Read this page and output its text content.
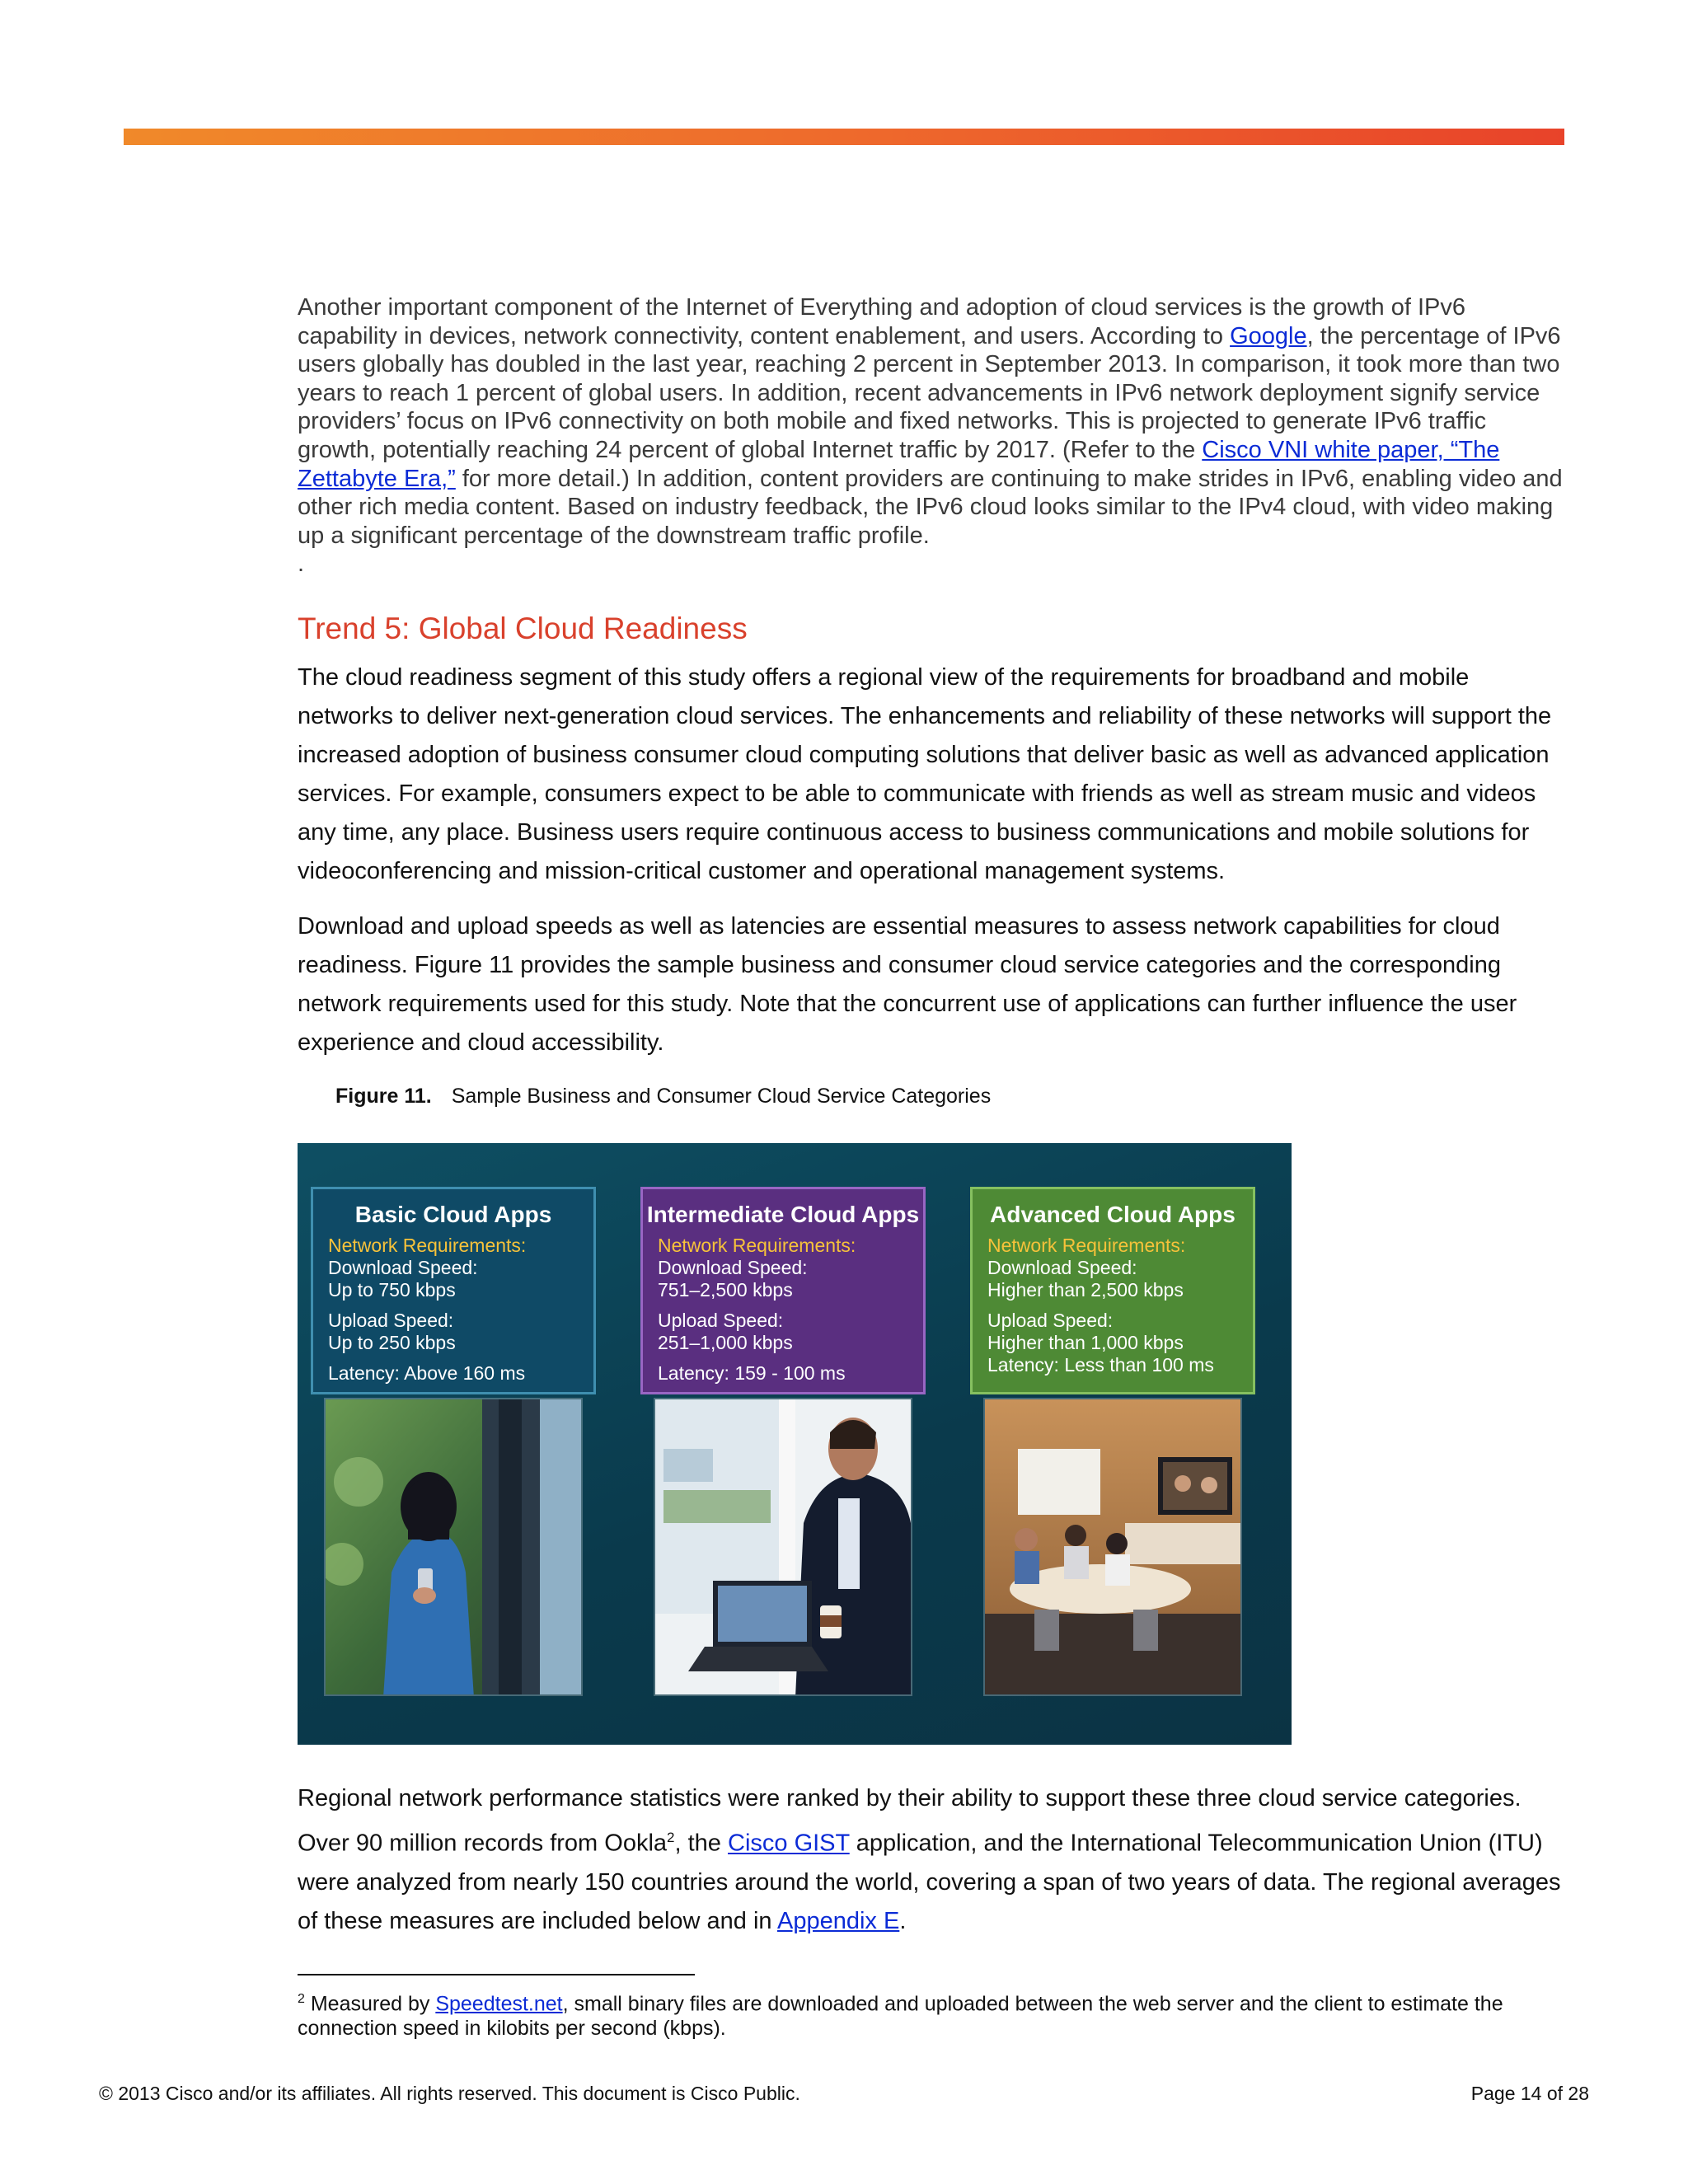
Another important component of the Internet of Everything and adoption of cloud services is the growth of IPv6 capability in devices, network connectivity, content enablement, and users. According to Google, the percentage of IPv6 users globally has doubled in the last year, reaching 2 percent in September 2013. In comparison, it took more than two years to reach 1 percent of global users. In addition, recent advancements in IPv6 network deployment signify service providers’ focus on IPv6 connectivity on both mobile and fixed networks. This is projected to generate IPv6 traffic growth, potentially reaching 24 percent of global Internet traffic by 2017. (Refer to the Cisco VNI white paper, “The Zettabyte Era,” for more detail.) In addition, content providers are continuing to make strides in IPv6, enabling video and other rich media content. Based on industry feedback, the IPv6 cloud looks similar to the IPv4 cloud, with video making up a significant percentage of the downstream traffic profile.

.

Trend 5: Global Cloud Readiness

The cloud readiness segment of this study offers a regional view of the requirements for broadband and mobile networks to deliver next-generation cloud services. The enhancements and reliability of these networks will support the increased adoption of business consumer cloud computing solutions that deliver basic as well as advanced application services. For example, consumers expect to be able to communicate with friends as well as stream music and videos any time, any place. Business users require continuous access to business communications and mobile solutions for videoconferencing and mission-critical customer and operational management systems.

Download and upload speeds as well as latencies are essential measures to assess network capabilities for cloud readiness. Figure 11 provides the sample business and consumer cloud service categories and the corresponding network requirements used for this study. Note that the concurrent use of applications can further influence the user experience and cloud accessibility.

Figure 11. Sample Business and Consumer Cloud Service Categories
Basic Cloud Apps
Network Requirements:
Download Speed:
Up to 750 kbps
Upload Speed:
Up to 250 kbps
Latency: Above 160 ms
Intermediate Cloud Apps
Network Requirements:
Download Speed:
751–2,500 kbps
Upload Speed:
251–1,000 kbps
Latency: 159 - 100 ms
Advanced Cloud Apps
Network Requirements:
Download Speed:
Higher than 2,500 kbps
Upload Speed:
Higher than 1,000 kbps
Latency: Less than 100 ms

Regional network performance statistics were ranked by their ability to support these three cloud service categories. Over 90 million records from Ookla$^2$, the Cisco GIST application, and the International Telecommunication Union (ITU) were analyzed from nearly 150 countries around the world, covering a span of two years of data. The regional averages of these measures are included below and in Appendix E.

$^2$ Measured by Speedtest.net, small binary files are downloaded and uploaded between the web server and the client to estimate the connection speed in kilobits per second (kbps).
© 2013 Cisco and/or its affiliates. All rights reserved. This document is Cisco Public.	Page 14 of 28
